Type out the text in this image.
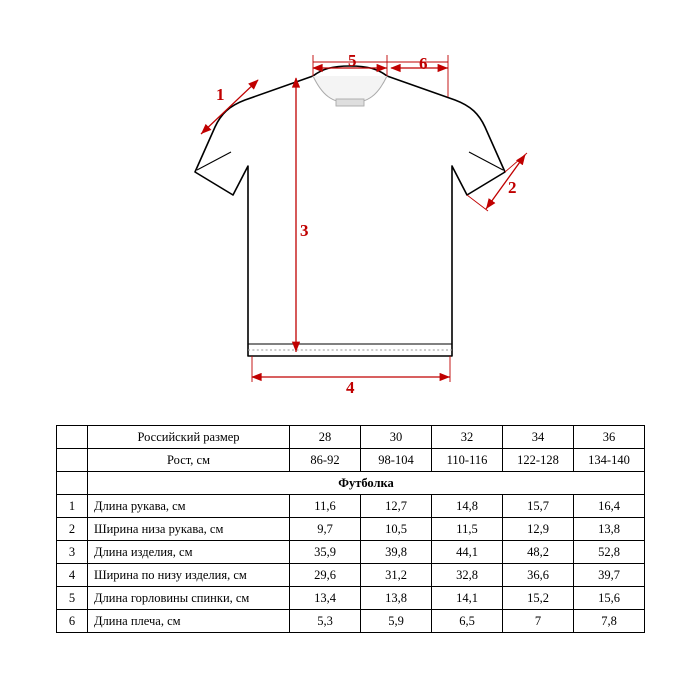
1
2
3
4
5	6
	Российский размер	28	30	32	34	36
	Рост, см	86-92	98-104	110-116	122-128	134-140
	Футболка					
1	Длина рукава, см	11,6	12,7	14,8	15,7	16,4
2	Ширина низа рукава, см	9,7	10,5	11,5	12,9	13,8
3	Длина изделия, см	35,9	39,8	44,1	48,2	52,8
4	Ширина по низу изделия, см	29,6	31,2	32,8	36,6	39,7
5	Длина горловины спинки, см	13,4	13,8	14,1	15,2	15,6
6	Длина плеча, см	5,3	5,9	6,5	7	7,8
